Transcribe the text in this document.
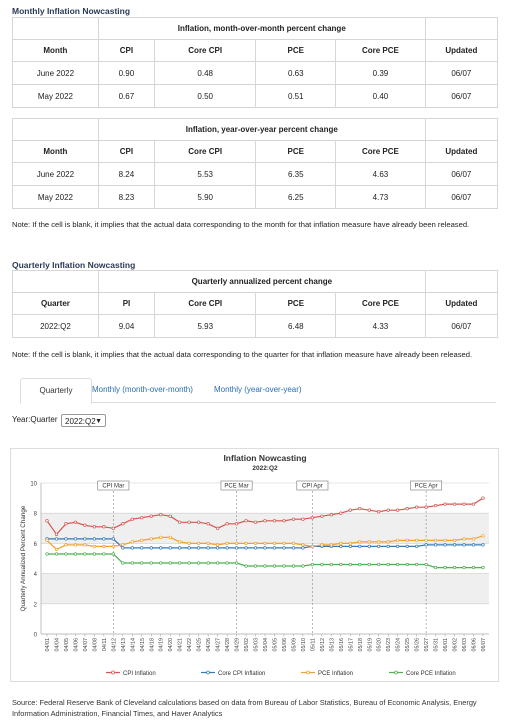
Monthly Inflation Nowcasting
	Inflation, month-over-month percent change				
Month	CPI	Core CPI	PCE	Core PCE	Updated
June 2022	0.90	0.48	0.63	0.39	06/07
May 2022	0.67	0.50	0.51	0.40	06/07
	Inflation, year-over-year percent change				
Month	CPI	Core CPI	PCE	Core PCE	Updated
June 2022	8.24	5.53	6.35	4.63	06/07
May 2022	8.23	5.90	6.25	4.73	06/07
Note: If the cell is blank, it implies that the actual data corresponding to the month for that inflation measure have already been released.
Quarterly Inflation Nowcasting
	Quarterly annualized percent change				
Quarter	PI	Core CPI	PCE	Core PCE	Updated
2022:Q2	9.04	5.93	6.48	4.33	06/07
Note: If the cell is blank, it implies that the actual data corresponding to the quarter for that inflation measure have already been released.
Quarterly	Monthly (month-over-month)	Monthly (year-over-year)
Year:Quarter 2022:Q2 ▼
Inflation Nowcasting
2022:Q2
0
2
4
6
8
10
Quarterly Annualized Percent Change
CPI Mar	PCE Mar	CPI Apr	PCE Apr
04/01 04/04 04/05 04/06 04/07 04/08 04/11 04/12 04/13 04/14 04/15 04/18 04/19 04/20 04/21 04/22 04/25 04/26 04/27 04/28 04/29 05/02 05/03 05/04 05/05 05/06 05/09 05/10 05/11 05/12 05/13 05/16 05/17 05/18 05/19 05/20 05/23 05/24 05/25 05/26 05/27 05/31 06/01 06/02 06/03 06/06 06/07
CPI Inflation	Core CPI Inflation	PCE Inflation	Core PCE Inflation
Source: Federal Reserve Bank of Cleveland calculations based on data from Bureau of Labor Statistics, Bureau of Economic Analysis, Energy Information Administration, Financial Times, and Haver Analytics
